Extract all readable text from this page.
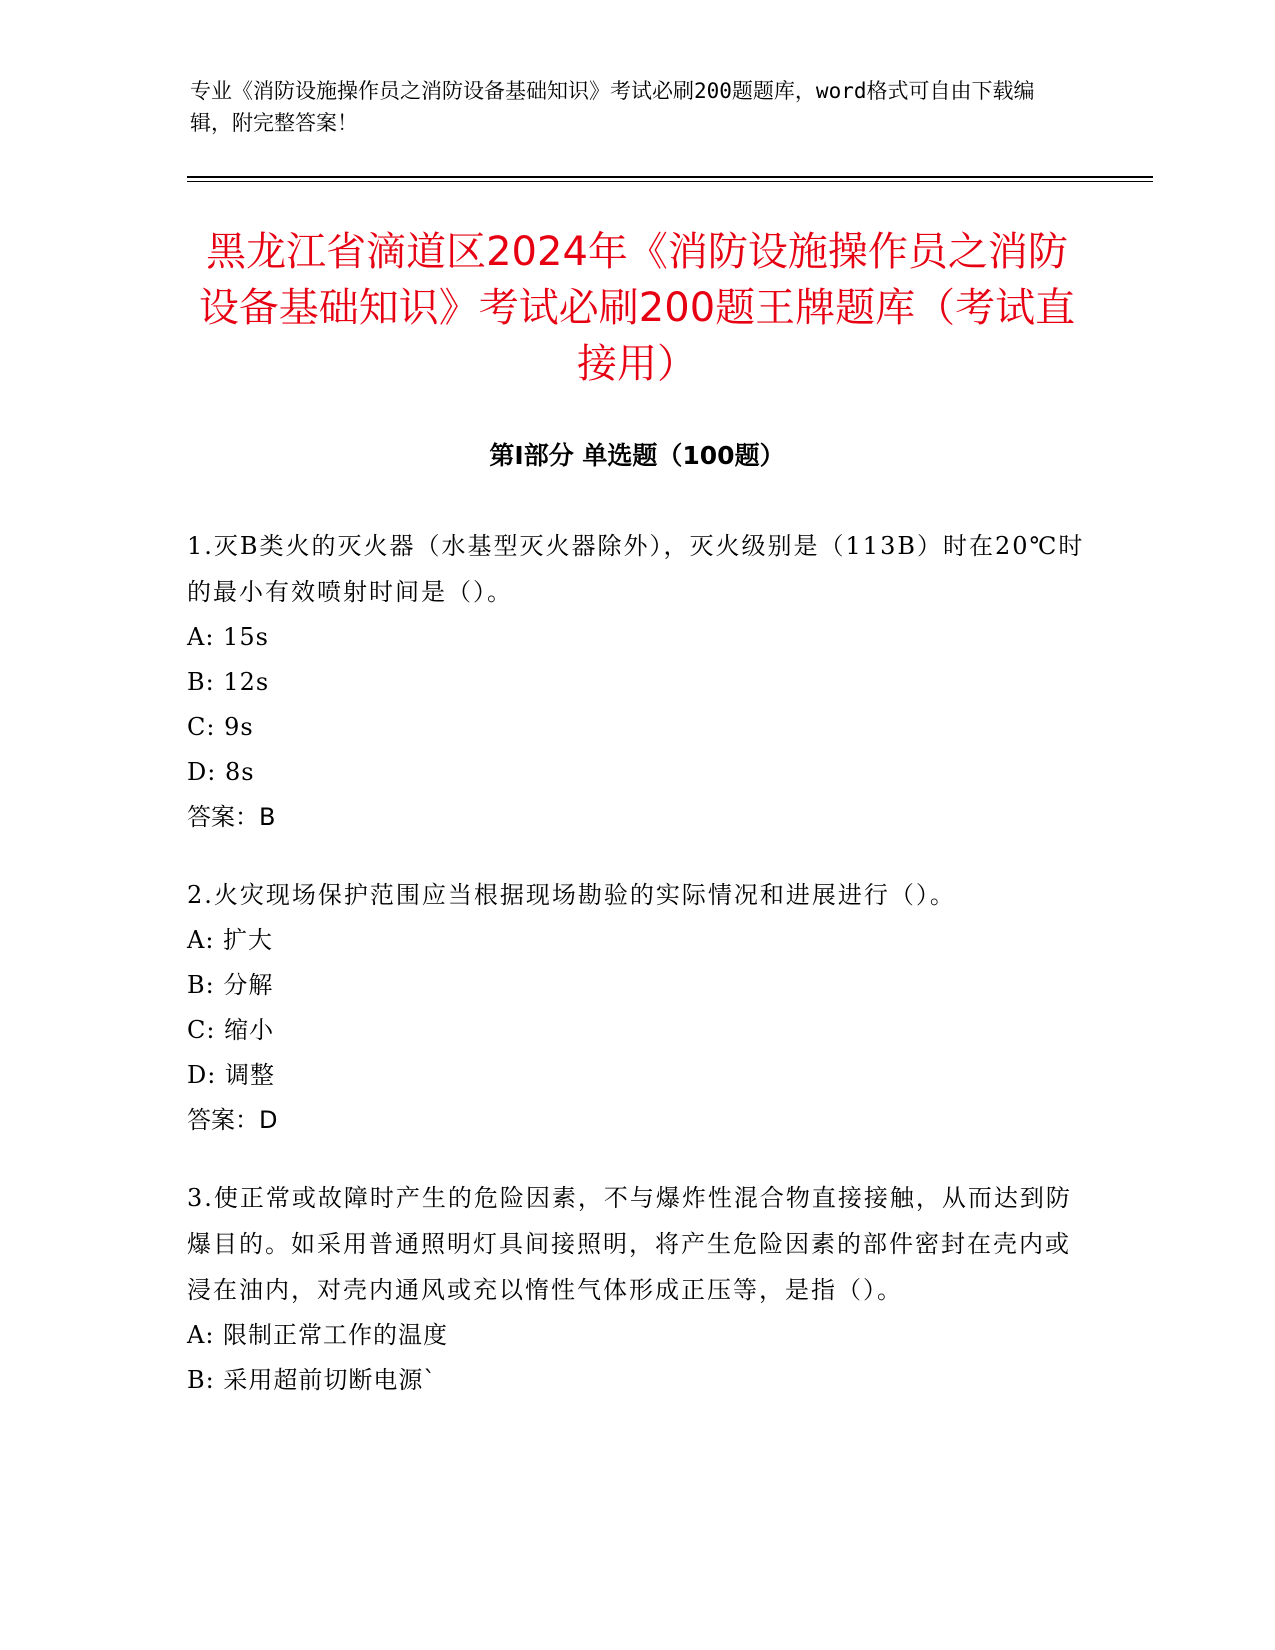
专业《消防设施操作员之消防设备基础知识》考试必刷200题题库，word格式可自由下载编辑，附完整答案！
黑龙江省滴道区2024年《消防设施操作员之消防设备基础知识》考试必刷200题王牌题库（考试直接用）
第Ⅰ部分 单选题（100题）
1.灭B类火的灭火器（水基型灭火器除外），灭火级别是（113B）时在20℃时的最小有效喷射时间是（）。
A: 15s
B: 12s
C: 9s
D: 8s
答案：B
2.火灾现场保护范围应当根据现场勘验的实际情况和进展进行（）。
A: 扩大
B: 分解
C: 缩小
D: 调整
答案：D
3.使正常或故障时产生的危险因素，不与爆炸性混合物直接接触，从而达到防爆目的。如采用普通照明灯具间接照明，将产生危险因素的部件密封在壳内或浸在油内，对壳内通风或充以惰性气体形成正压等，是指（）。
A: 限制正常工作的温度
B: 采用超前切断电源`
